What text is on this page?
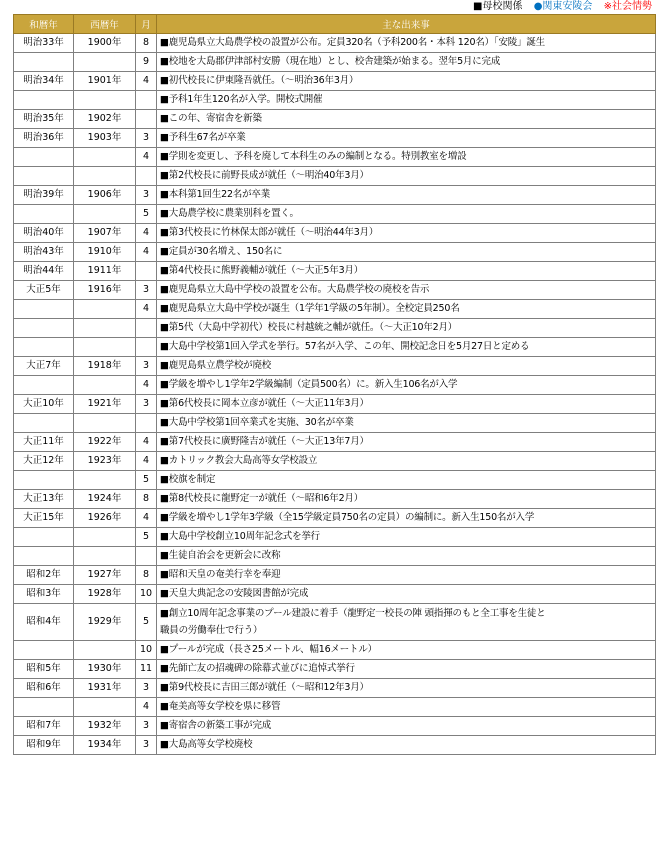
■母校関係 ●関東安陵会 ※社会情勢
和暦年	西暦年	月	主な出来事
明治33年	1900年	8	■鹿児島県立大島農学校の設置が公布。定員320名（予科200名・本科 120名）「安陵」誕生

		9	■校地を大島郡伊津部村安勝（現在地）とし、校舎建築が始まる。翌年5月に完成

明治34年	1901年	4	■初代校長に伊東隆吾就任。（〜明治36年3月）

			■予科1年生120名が入学。開校式開催

明治35年	1902年		■この年、寄宿舎を新築

明治36年	1903年	3	■予科生67名が卒業

		4	■学則を変更し、予科を廃して本科生のみの編制となる。特別教室を増設

			■第2代校長に前野長成が就任（〜明治40年3月）

明治39年	1906年	3	■本科第1回生22名が卒業

		5	■大島農学校に農業別科を置く。

明治40年	1907年	4	■第3代校長に竹林保太郎が就任（〜明治44年3月）

明治43年	1910年	4	■定員が30名増え、150名に

明治44年	1911年		■第4代校長に熊野義輔が就任（〜大正5年3月）

大正5年	1916年	3	■鹿児島県立大島中学校の設置を公布。大島農学校の廃校を告示

		4	■鹿児島県立大島中学校が誕生（1学年1学級の5年制）。全校定員250名

			■第5代（大島中学初代）校長に村越統之輔が就任。（〜大正10年2月）

			■大島中学校第1回入学式を挙行。57名が入学、この年、開校記念日を5月27日と定める

大正7年	1918年	3	■鹿児島県立農学校が廃校

		4	■学級を増やし1学年2学級編制（定員500名）に。新入生106名が入学

大正10年	1921年	3	■第6代校長に岡本立彦が就任（〜大正11年3月）

			■大島中学校第1回卒業式を実施、30名が卒業

大正11年	1922年	4	■第7代校長に廣野隆吉が就任（〜大正13年7月）

大正12年	1923年	4	■カトリック教会大島高等女学校設立

		5	■校旗を制定

大正13年	1924年	8	■第8代校長に龍野定一が就任（〜昭和6年2月）

大正15年	1926年	4	■学級を増やし1学年3学級（全15学級定員750名の定員）の編制に。新入生150名が入学

		5	■大島中学校創立10周年記念式を挙行

			■生徒自治会を更新会に改称

昭和2年	1927年	8	■昭和天皇の奄美行幸を奉迎

昭和3年	1928年	10	■天皇大典記念の安陵図書館が完成

昭和4年	1929年	5	■創立10周年記念事業のプール建設に着手（龍野定一校長の陣 頭指揮のもと全工事を生徒と
職員の労働奉仕で行う）

		10	■プールが完成（長さ25メートル、幅16メートル）

昭和5年	1930年	11	■先師亡友の招魂碑の除幕式並びに追悼式挙行

昭和6年	1931年	3	■第9代校長に吉田三郎が就任（〜昭和12年3月）

		4	■奄美高等女学校を県に移管

昭和7年	1932年	3	■寄宿舎の新築工事が完成

昭和9年	1934年	3	■大島高等女学校廃校
